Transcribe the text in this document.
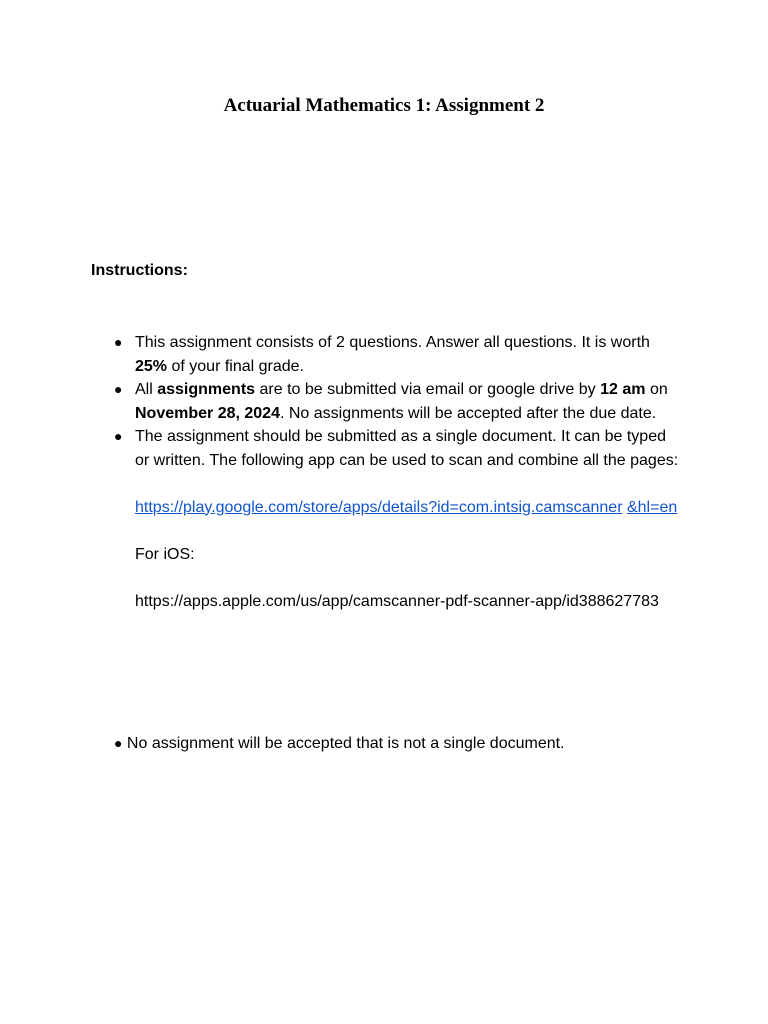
Actuarial Mathematics 1: Assignment 2
Instructions:
● This assignment consists of 2 questions. Answer all questions. It is worth 25% of your final grade.
● All assignments are to be submitted via email or google drive by 12 am on November 28, 2024. No assignments will be accepted after the due date.
● The assignment should be submitted as a single document. It can be typed or written. The following app can be used to scan and combine all the pages:
https://play.google.com/store/apps/details?id=com.intsig.camscanner &hl=en
For iOS:
https://apps.apple.com/us/app/camscanner-pdf-scanner-app/id388627783
● No assignment will be accepted that is not a single document.
